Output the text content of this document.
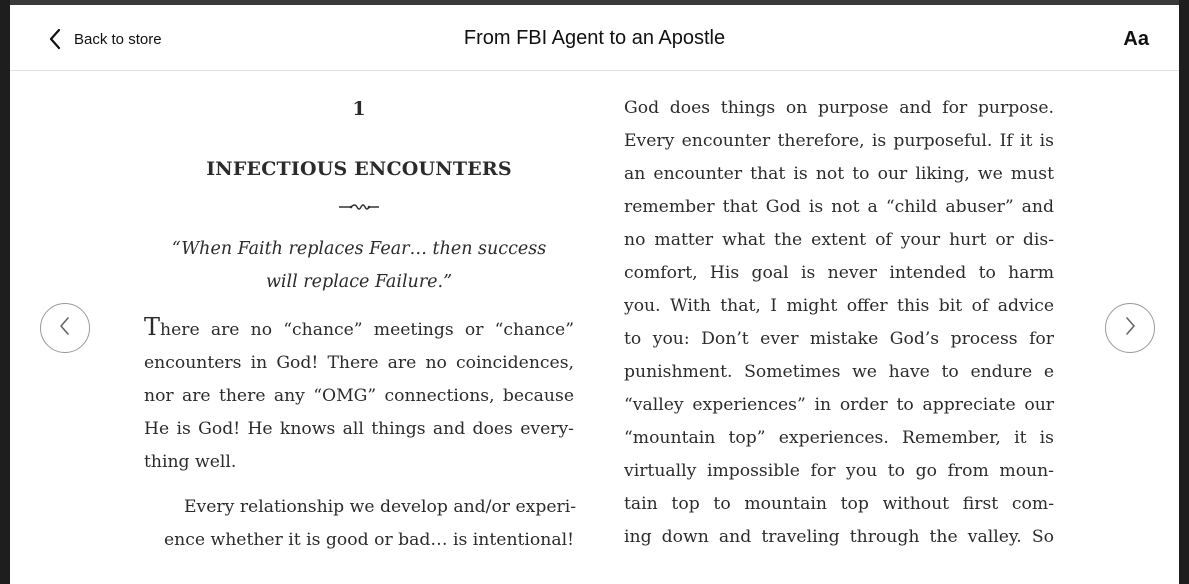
Back to store	From FBI Agent to an Apostle	Aa
1
INFECTIOUS ENCOUNTERS
“When Faith replaces Fear… then success
will replace Failure.”
There are no “chance” meetings or “chance”
encounters in God! There are no coincidences,
nor are there any “OMG” connections, because
He is God! He knows all things and does every-
thing well.
Every relationship we develop and/or experi-
ence whether it is good or bad… is intentional!
God does things on purpose and for purpose.
Every encounter therefore, is purposeful. If it is
an encounter that is not to our liking, we must
remember that God is not a “child abuser” and
no matter what the extent of your hurt or dis-
comfort, His goal is never intended to harm
you. With that, I might offer this bit of advice
to you: Don’t ever mistake God’s process for
punishment. Sometimes we have to endure e
“valley experiences” in order to appreciate our
“mountain top” experiences. Remember, it is
virtually impossible for you to go from moun-
tain top to mountain top without first com-
ing down and traveling through the valley. So
